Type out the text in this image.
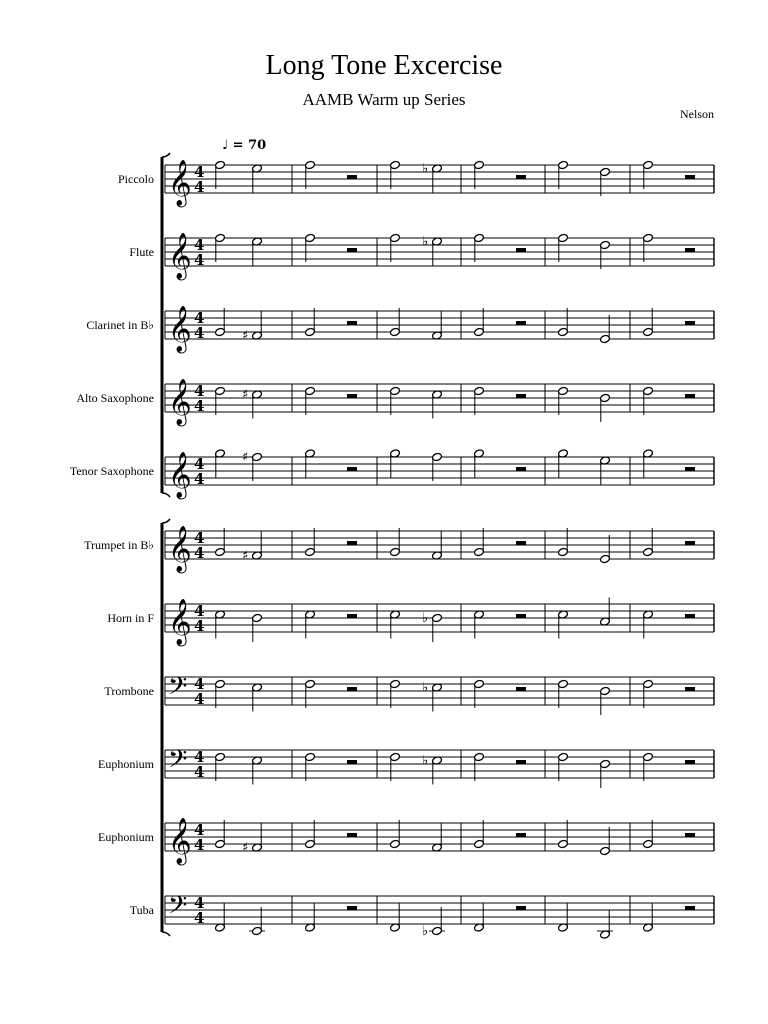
Long Tone Excercise
AAMB Warm up Series
Nelson
♩ = 70
Piccolo
Flute
Clarinet in B♭
Alto Saxophone
Tenor Saxophone
Trumpet in B♭
Horn in F
Trombone
Euphonium
Euphonium
Tuba
𝄞 4
4
♭
𝄞 4
4
♭
𝄞 4
4	♯
𝄞 4
4
♯
𝄞 4
4
♯
𝄞 4
4	♯
𝄞 4
4	♭
𝄢 4
4
♭
𝄢 4
4
♭
𝄞 4
4	♯
𝄢 4
4
♭
